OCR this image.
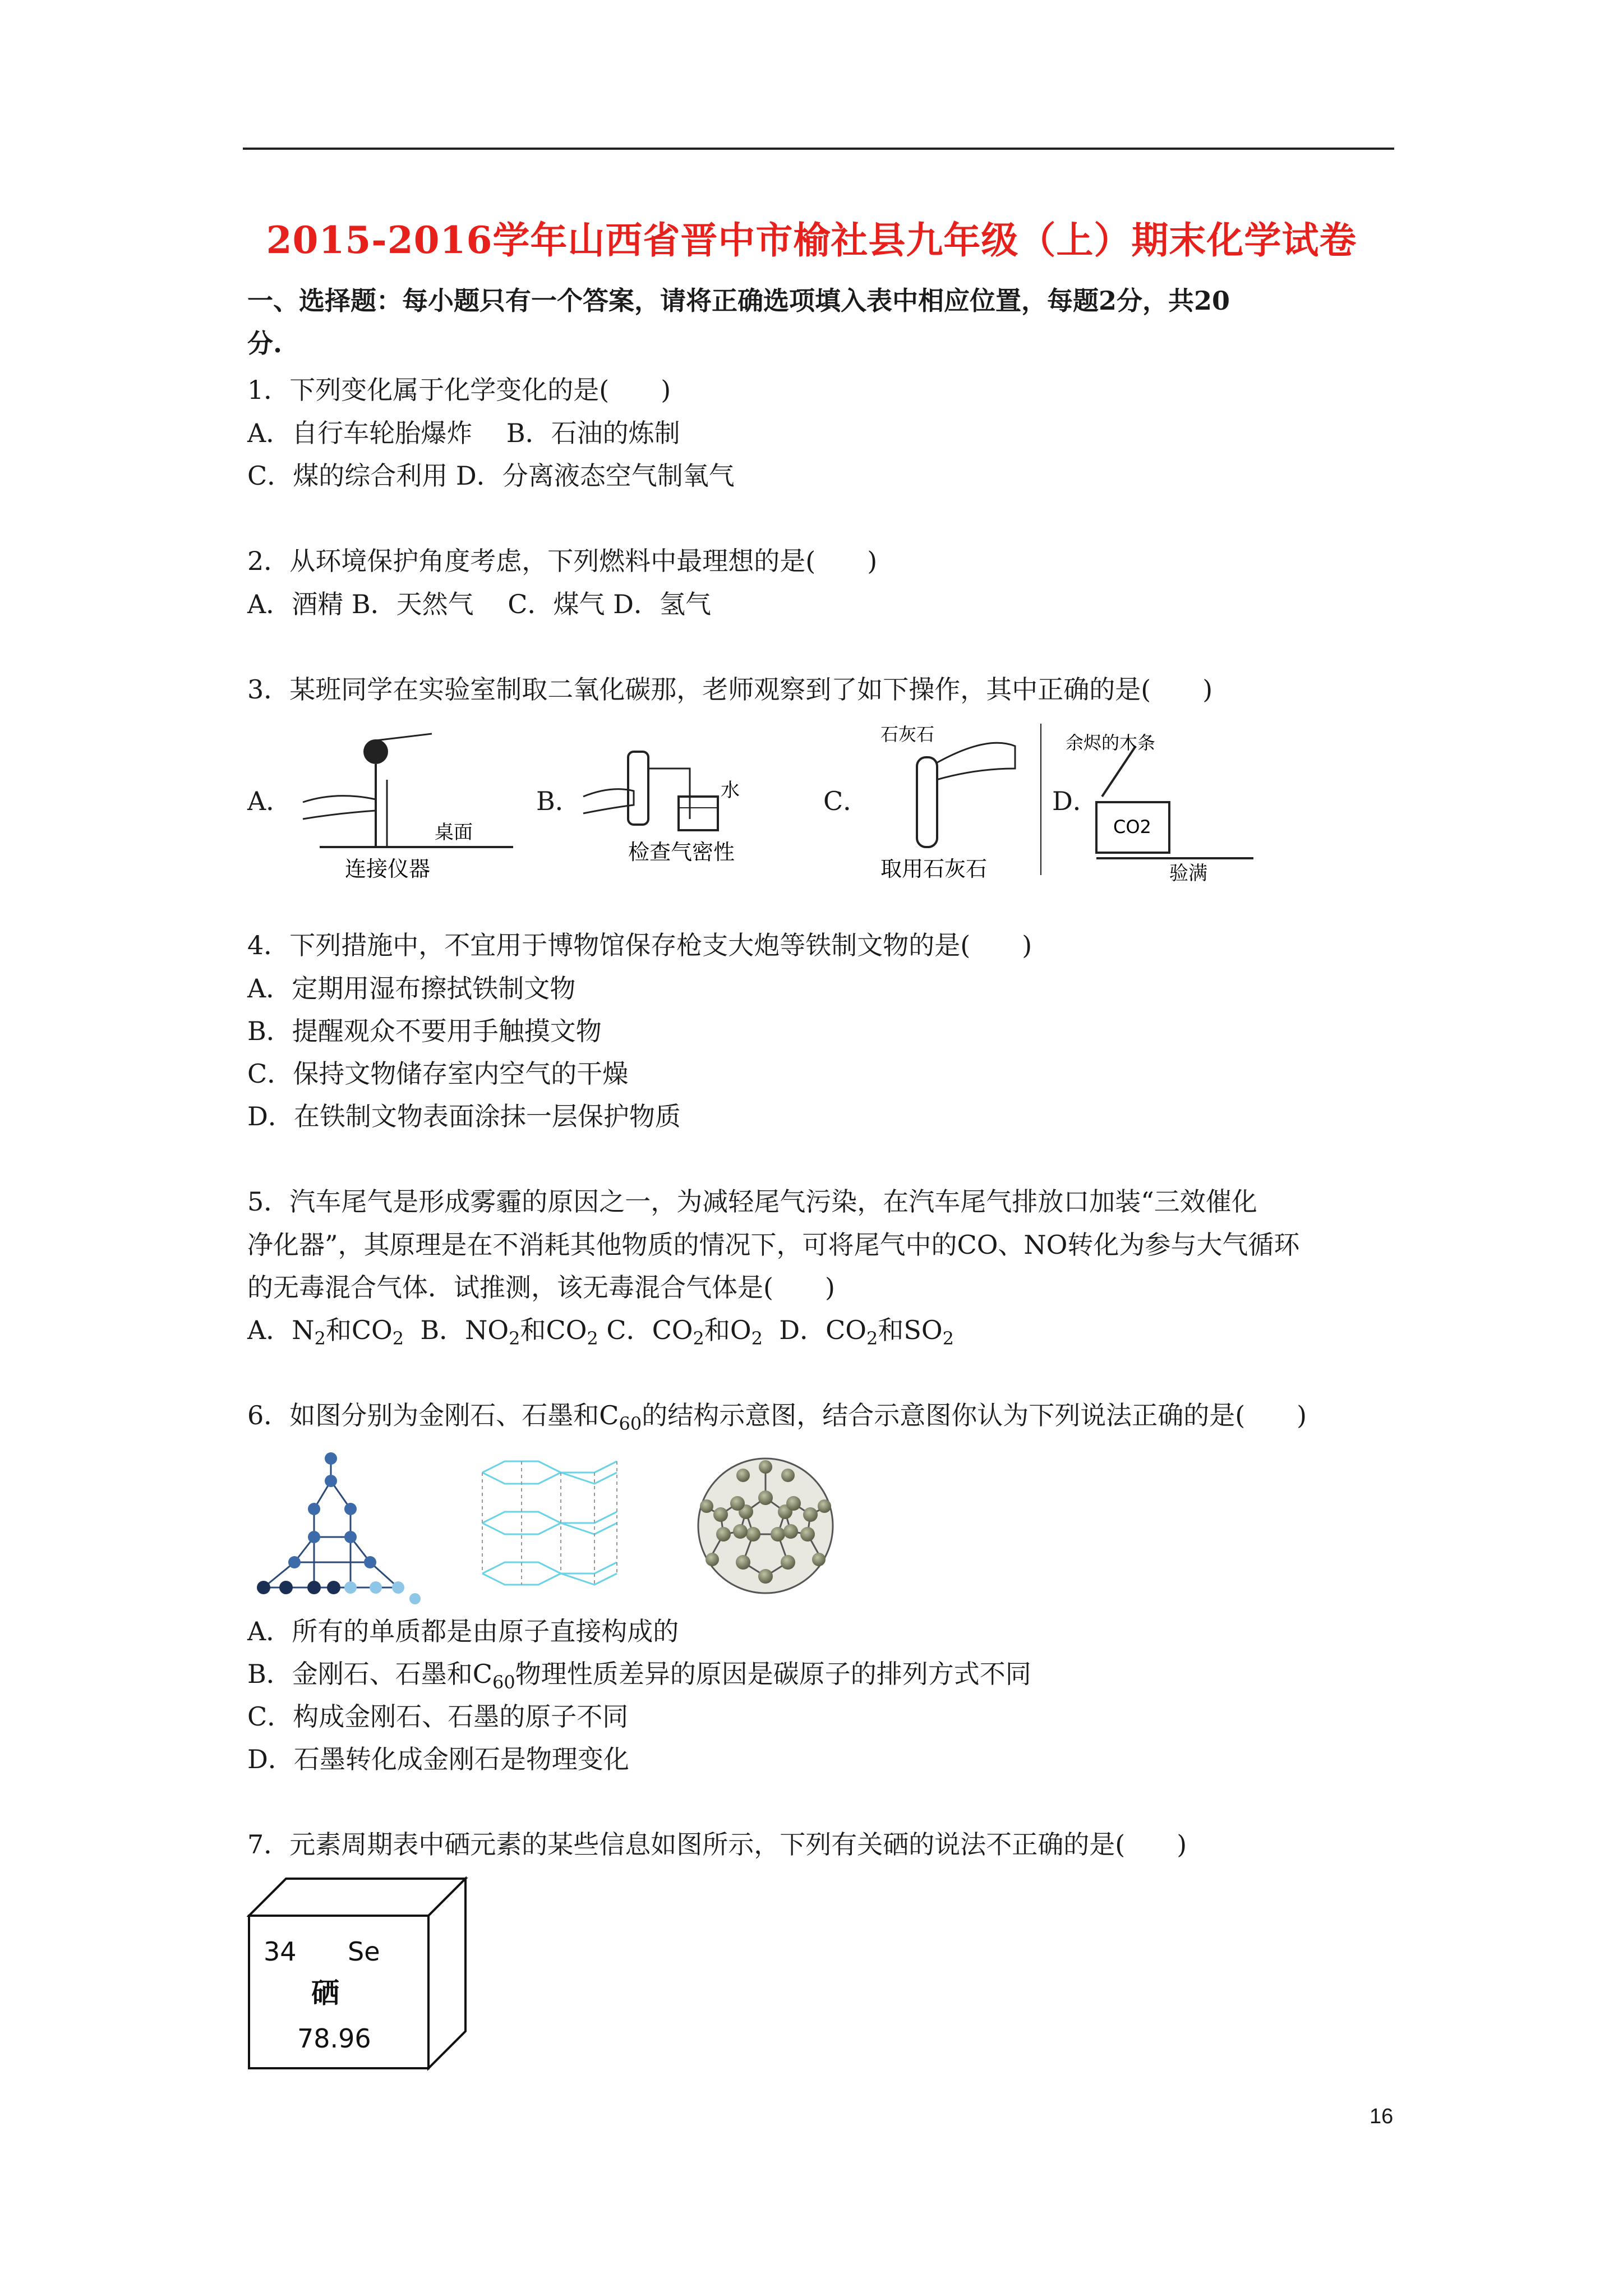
2015-2016学年山西省晋中市榆社县九年级（上）期末化学试卷
一、选择题：每小题只有一个答案，请将正确选项填入表中相应位置，每题2分，共20
分.
1．下列变化属于化学变化的是(　　)
A．自行车轮胎爆炸　 B．石油的炼制
C．煤的综合利用 D．分离液态空气制氧气
2．从环境保护角度考虑，下列燃料中最理想的是(　　)
A．酒精 B．天然气　 C．煤气 D．氢气
3．某班同学在实验室制取二氧化碳那，老师观察到了如下操作，其中正确的是(　　)
A．	B．	C．	D．
桌面
连接仪器
水
检查气密性
石灰石
取用石灰石
余烬的木条
CO2
验满
4．下列措施中，不宜用于博物馆保存枪支大炮等铁制文物的是(　　)
A．定期用湿布擦拭铁制文物
B．提醒观众不要用手触摸文物
C．保持文物储存室内空气的干燥
D．在铁制文物表面涂抹一层保护物质
5．汽车尾气是形成雾霾的原因之一，为减轻尾气污染，在汽车尾气排放口加装“三效催化
净化器”，其原理是在不消耗其他物质的情况下，可将尾气中的CO、NO转化为参与大气循环
的无毒混合气体．试推测，该无毒混合气体是(　　)
A．$N_2$和$CO_2$  B．$NO_2$和$CO_2$ C．$CO_2$和$O_2$  D．$CO_2$和$SO_2$
6．如图分别为金刚石、石墨和$C_{60}$的结构示意图，结合示意图你认为下列说法正确的是(　　)
A．所有的单质都是由原子直接构成的
B．金刚石、石墨和$C_{60}$物理性质差异的原因是碳原子的排列方式不同
C．构成金刚石、石墨的原子不同
D．石墨转化成金刚石是物理变化
7．元素周期表中硒元素的某些信息如图所示，下列有关硒的说法不正确的是(　　)
34 Se
硒
78.96
16
